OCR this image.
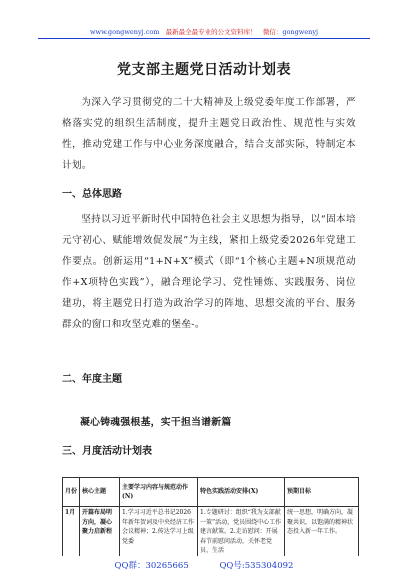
www.gongwenyj.com 最新最全最专业的公文资料库！ 微信：gongwenyj
党支部主题党日活动计划表

为深入学习贯彻党的二十大精神及上级党委年度工作部署，严格落实党的组织生活制度，提升主题党日政治性、规范性与实效性，推动党建工作与中心业务深度融合，结合支部实际，特制定本计划。

一、总体思路

坚持以习近平新时代中国特色社会主义思想为指导，以“固本培元守初心、赋能增效促发展”为主线，紧扣上级党委2026年党建工作要点。创新运用“1+N+X”模式（即“1个核心主题+N项规范动作+X项特色实践”），融合理论学习、党性锤炼、实践服务、岗位建功，将主题党日打造为政治学习的阵地、思想交流的平台、服务群众的窗口和攻坚克难的堡垒-。

二、年度主题
凝心铸魂强根基，实干担当谱新篇
三、月度活动计划表
月份	核心主题	主要学习内容与规范动作(N)	特色实践活动安排(X)	预期目标
1月	开篇布局明方向，凝心聚力启新程	1.学习习近平总书记2026年新年贺词及中央经济工作会议精神；2.传达学习上级党委	1.专题研讨：组织“我为支部献一策”活动，党员围绕中心工作建言献策。2.走访慰问：开展春节前慰问活动，关怀老党员、生活	统一思想，明确方向，凝聚共识，以饱满的精神状态投入新一年工作。
QQ群：30265665	QQ号:535304092
